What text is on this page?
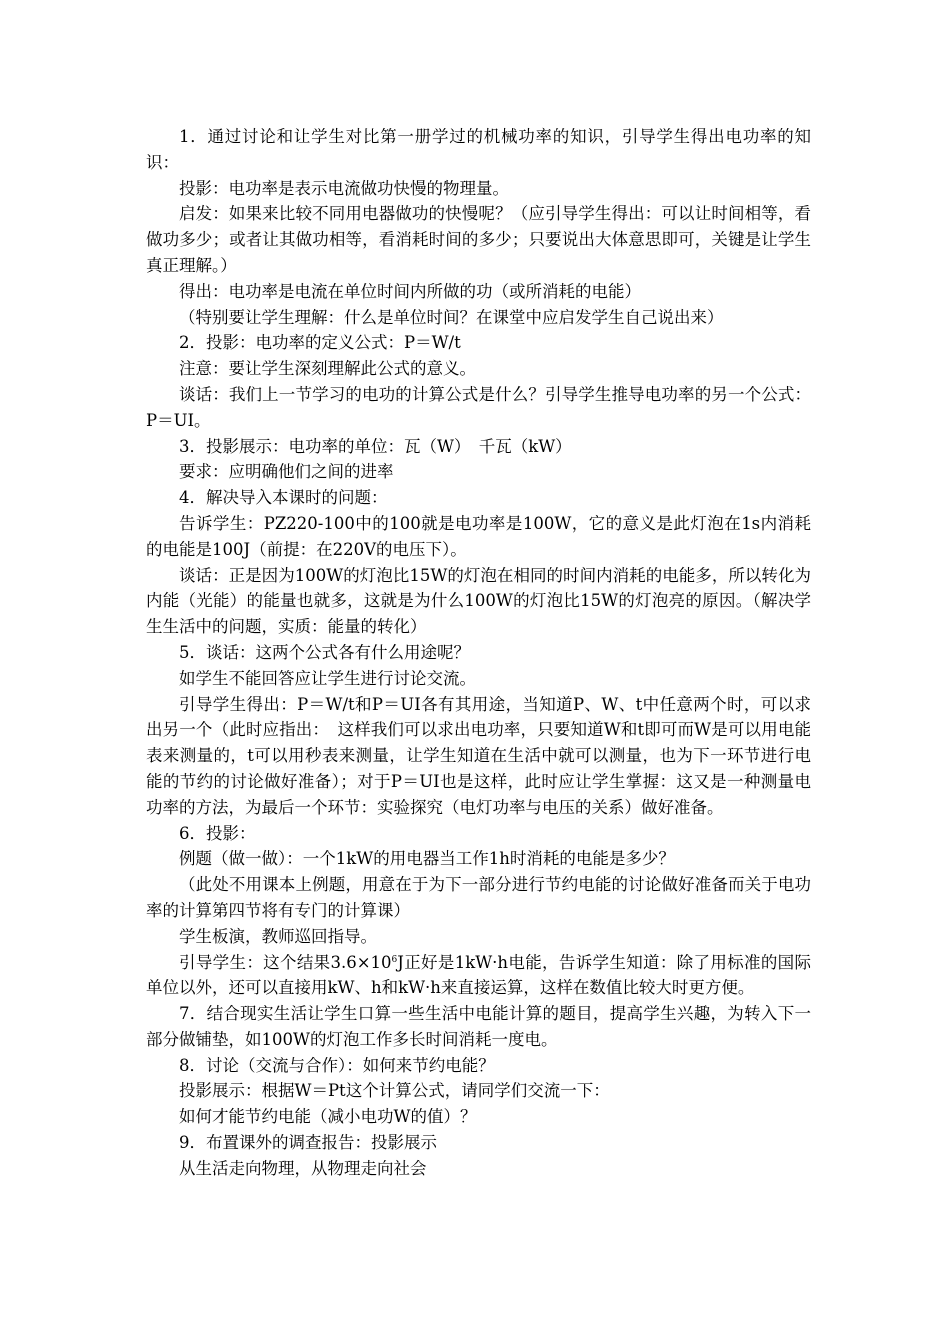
1．通过讨论和让学生对比第一册学过的机械功率的知识，引导学生得出电功率的知识：

投影：电功率是表示电流做功快慢的物理量。

启发：如果来比较不同用电器做功的快慢呢？（应引导学生得出：可以让时间相等，看做功多少；或者让其做功相等，看消耗时间的多少；只要说出大体意思即可，关键是让学生真正理解。）

得出：电功率是电流在单位时间内所做的功（或所消耗的电能）

（特别要让学生理解：什么是单位时间？在课堂中应启发学生自己说出来）

2．投影：电功率的定义公式：P＝W/t

注意：要让学生深刻理解此公式的意义。

谈话：我们上一节学习的电功的计算公式是什么？引导学生推导电功率的另一个公式：P＝UI。

3．投影展示：电功率的单位：瓦（W）　千瓦（kW）

要求：应明确他们之间的进率

4．解决导入本课时的问题：

告诉学生：PZ220-100中的100就是电功率是100W，它的意义是此灯泡在1s内消耗的电能是100J（前提：在220V的电压下）。

谈话：正是因为100W的灯泡比15W的灯泡在相同的时间内消耗的电能多，所以转化为内能（光能）的能量也就多，这就是为什么100W的灯泡比15W的灯泡亮的原因。（解决学生生活中的问题，实质：能量的转化）

5．谈话：这两个公式各有什么用途呢？

如学生不能回答应让学生进行讨论交流。

引导学生得出：P＝W/t和P＝UI各有其用途，当知道P、W、t中任意两个时，可以求出另一个（此时应指出：　这样我们可以求出电功率，只要知道W和t即可而W是可以用电能表来测量的，t可以用秒表来测量，让学生知道在生活中就可以测量，也为下一环节进行电能的节约的讨论做好准备）；对于P＝UI也是这样，此时应让学生掌握：这又是一种测量电功率的方法，为最后一个环节：实验探究（电灯功率与电压的关系）做好准备。

6．投影：

例题（做一做）：一个1kW的用电器当工作1h时消耗的电能是多少？

（此处不用课本上例题，用意在于为下一部分进行节约电能的讨论做好准备而关于电功率的计算第四节将有专门的计算课）

学生板演，教师巡回指导。

引导学生：这个结果$3.6\times 10^6J$正好是1kW·h电能，告诉学生知道：除了用标准的国际单位以外，还可以直接用kW、h和kW·h来直接运算，这样在数值比较大时更方便。

7．结合现实生活让学生口算一些生活中电能计算的题目，提高学生兴趣，为转入下一部分做铺垫，如100W的灯泡工作多长时间消耗一度电。

8．讨论（交流与合作）：如何来节约电能？

投影展示：根据W＝Pt这个计算公式，请同学们交流一下：

如何才能节约电能（减小电功W的值）？

9．布置课外的调查报告：投影展示

从生活走向物理，从物理走向社会
